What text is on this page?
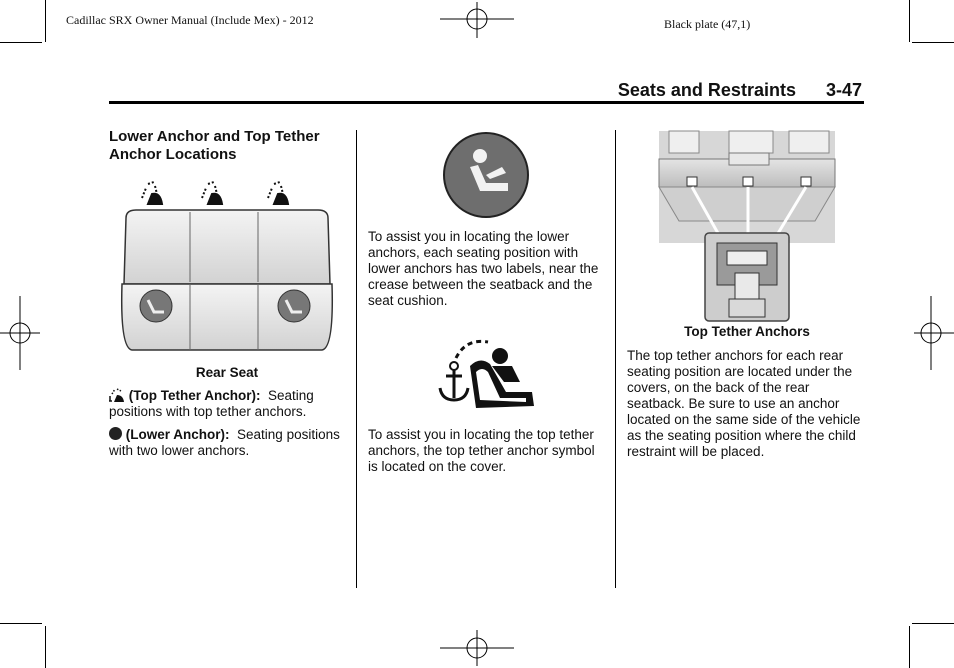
Cadillac SRX Owner Manual (Include Mex) - 2012	Black plate (47,1)
Seats and Restraints 3-47
Lower Anchor and Top Tether Anchor Locations
Rear Seat
(Top Tether Anchor): Seating positions with top tether anchors.
(Lower Anchor): Seating positions with two lower anchors.
To assist you in locating the lower anchors, each seating position with lower anchors has two labels, near the crease between the seatback and the seat cushion.
To assist you in locating the top tether anchors, the top tether anchor symbol is located on the cover.
Top Tether Anchors
The top tether anchors for each rear seating position are located under the covers, on the back of the rear seatback. Be sure to use an anchor located on the same side of the vehicle as the seating position where the child restraint will be placed.
